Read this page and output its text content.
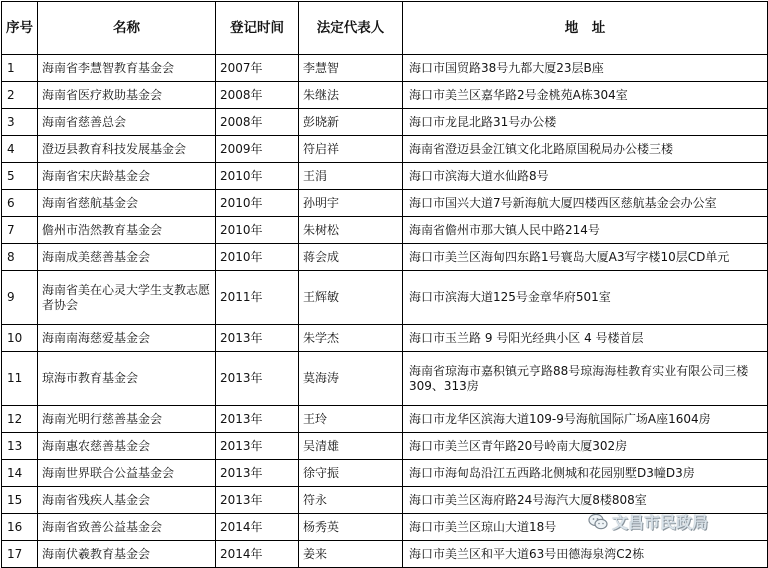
序号	名称	登记时间	法定代表人	地　址
1	海南省李慧智教育基金会	2007年	李慧智	海口市国贸路38号九都大厦23层B座
2	海南省医疗救助基金会	2008年	朱继法	海口市美兰区嘉华路2号金桃苑A栋304室
3	海南省慈善总会	2008年	彭晓新	海口市龙昆北路31号办公楼
4	澄迈县教育科技发展基金会	2009年	符启祥	海南省澄迈县金江镇文化北路原国税局办公楼三楼
5	海南省宋庆龄基金会	2010年	王涓	海口市滨海大道水仙路8号
6	海南省慈航基金会	2010年	孙明宇	海口市国兴大道7号新海航大厦四楼西区慈航基金会办公室
7	儋州市浩然教育基金会	2010年	朱树松	海南省儋州市那大镇人民中路214号
8	海南成美慈善基金会	2010年	蒋会成	海口市美兰区海甸四东路1号寰岛大厦A3写字楼10层CD单元
9	海南省美在心灵大学生支教志愿者协会	2011年	王辉敏	海口市滨海大道125号金章华府501室
10	海南南海慈爱基金会	2013年	朱学杰	海口市玉兰路 9 号阳光经典小区 4 号楼首层
11	琼海市教育基金会	2013年	莫海涛	海南省琼海市嘉积镇元亨路88号琼海海桂教育实业有限公司三楼309、313房
12	海南光明行慈善基金会	2013年	王玲	海口市龙华区滨海大道109-9号海航国际广场A座1604房
13	海南惠农慈善基金会	2013年	吴清雄	海口市美兰区青年路20号岭南大厦302房
14	海南世界联合公益基金会	2013年	徐守振	海口市海甸岛沿江五西路北侧城和花园别墅D3幢D3房
15	海南省残疾人基金会	2013年	符永	海口市美兰区海府路24号海汽大厦8楼808室
16	海南省致善公益基金会	2014年	杨秀英	海口市美兰区琼山大道18号
17	海南伏羲教育基金会	2014年	姜来	海口市美兰区和平大道63号田德海泉湾C2栋
文昌市民政局
